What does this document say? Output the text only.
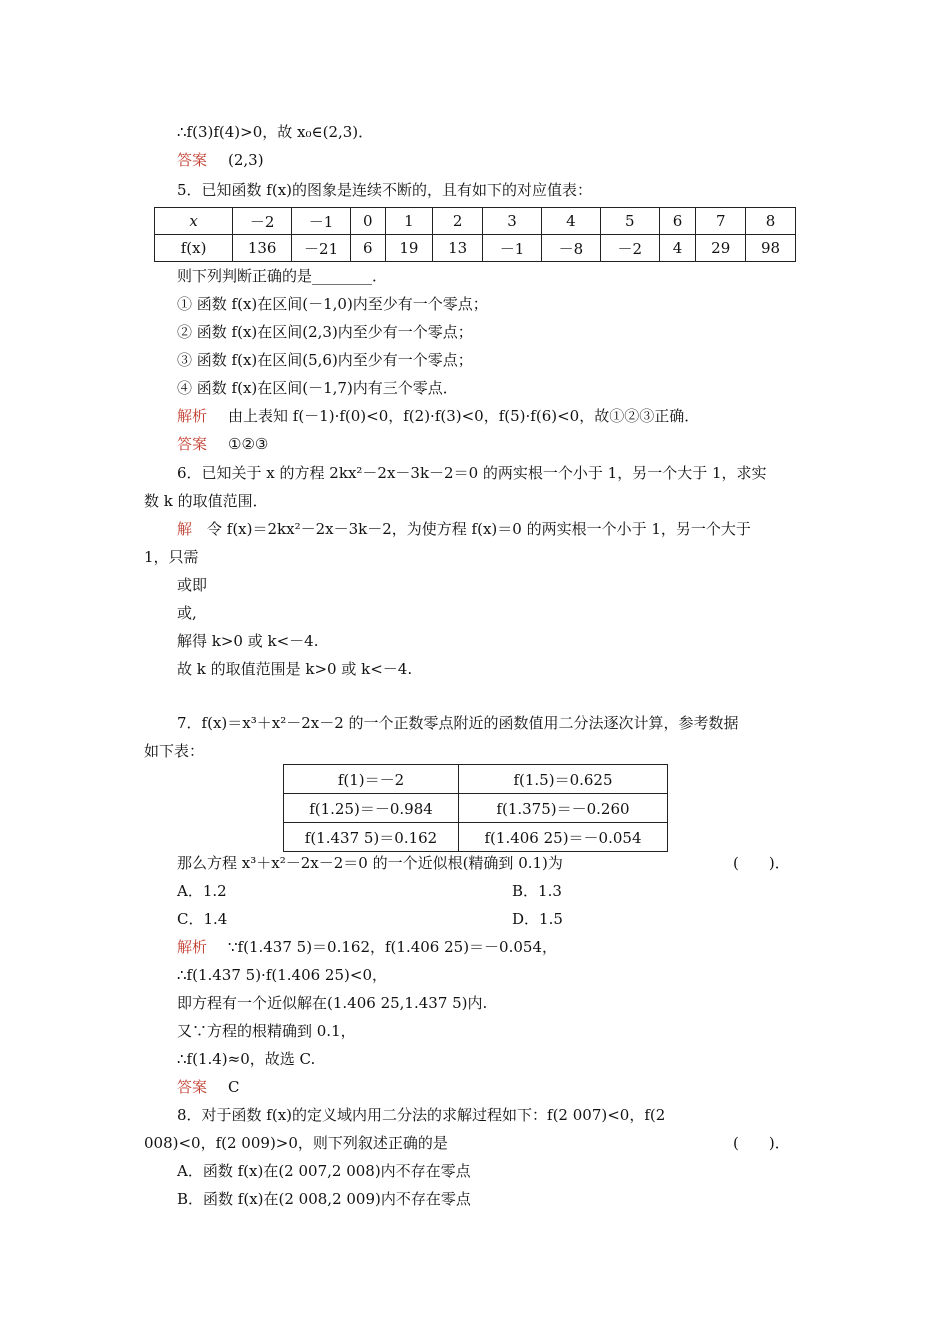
∴f(3)f(4)>0，故 x₀∈(2,3)．
答案 (2,3)
5．已知函数 f(x)的图象是连续不断的，且有如下的对应值表：
x	－2	－1	0	1	2	3	4	5	6	7	8
f(x)	136	－21	6	19	13	－1	－8	－2	4	29	98
则下列判断正确的是________．
① 函数 f(x)在区间(－1,0)内至少有一个零点；
② 函数 f(x)在区间(2,3)内至少有一个零点；
③ 函数 f(x)在区间(5,6)内至少有一个零点；
④ 函数 f(x)在区间(－1,7)内有三个零点．
解析 由上表知 f(－1)·f(0)<0，f(2)·f(3)<0，f(5)·f(6)<0，故①②③正确．
答案 ①②③
6．已知关于 x 的方程 2kx²－2x－3k－2＝0 的两实根一个小于 1，另一个大于 1，求实
数 k 的取值范围．
解 令 f(x)＝2kx²－2x－3k－2，为使方程 f(x)＝0 的两实根一个小于 1，另一个大于
1，只需
或即
或,
解得 k>0 或 k<－4.
故 k 的取值范围是 k>0 或 k<－4.
7．f(x)＝x³＋x²－2x－2 的一个正数零点附近的函数值用二分法逐次计算，参考数据
如下表：
f(1)＝－2	f(1.5)＝0.625
f(1.25)＝－0.984	f(1.375)＝－0.260
f(1.437 5)＝0.162	f(1.406 25)＝－0.054
那么方程 x³＋x²－2x－2＝0 的一个近似根(精确到 0.1)为	(　　)．
A．1.2	B．1.3
C．1.4	D．1.5
解析 ∵f(1.437 5)＝0.162，f(1.406 25)＝－0.054，
∴f(1.437 5)·f(1.406 25)<0，
即方程有一个近似解在(1.406 25,1.437 5)内.
又∵方程的根精确到 0.1，
∴f(1.4)≈0，故选 C.
答案 C
8．对于函数 f(x)的定义域内用二分法的求解过程如下：f(2 007)<0，f(2
008)<0，f(2 009)>0，则下列叙述正确的是	(　　)．
A．函数 f(x)在(2 007,2 008)内不存在零点
B．函数 f(x)在(2 008,2 009)内不存在零点
